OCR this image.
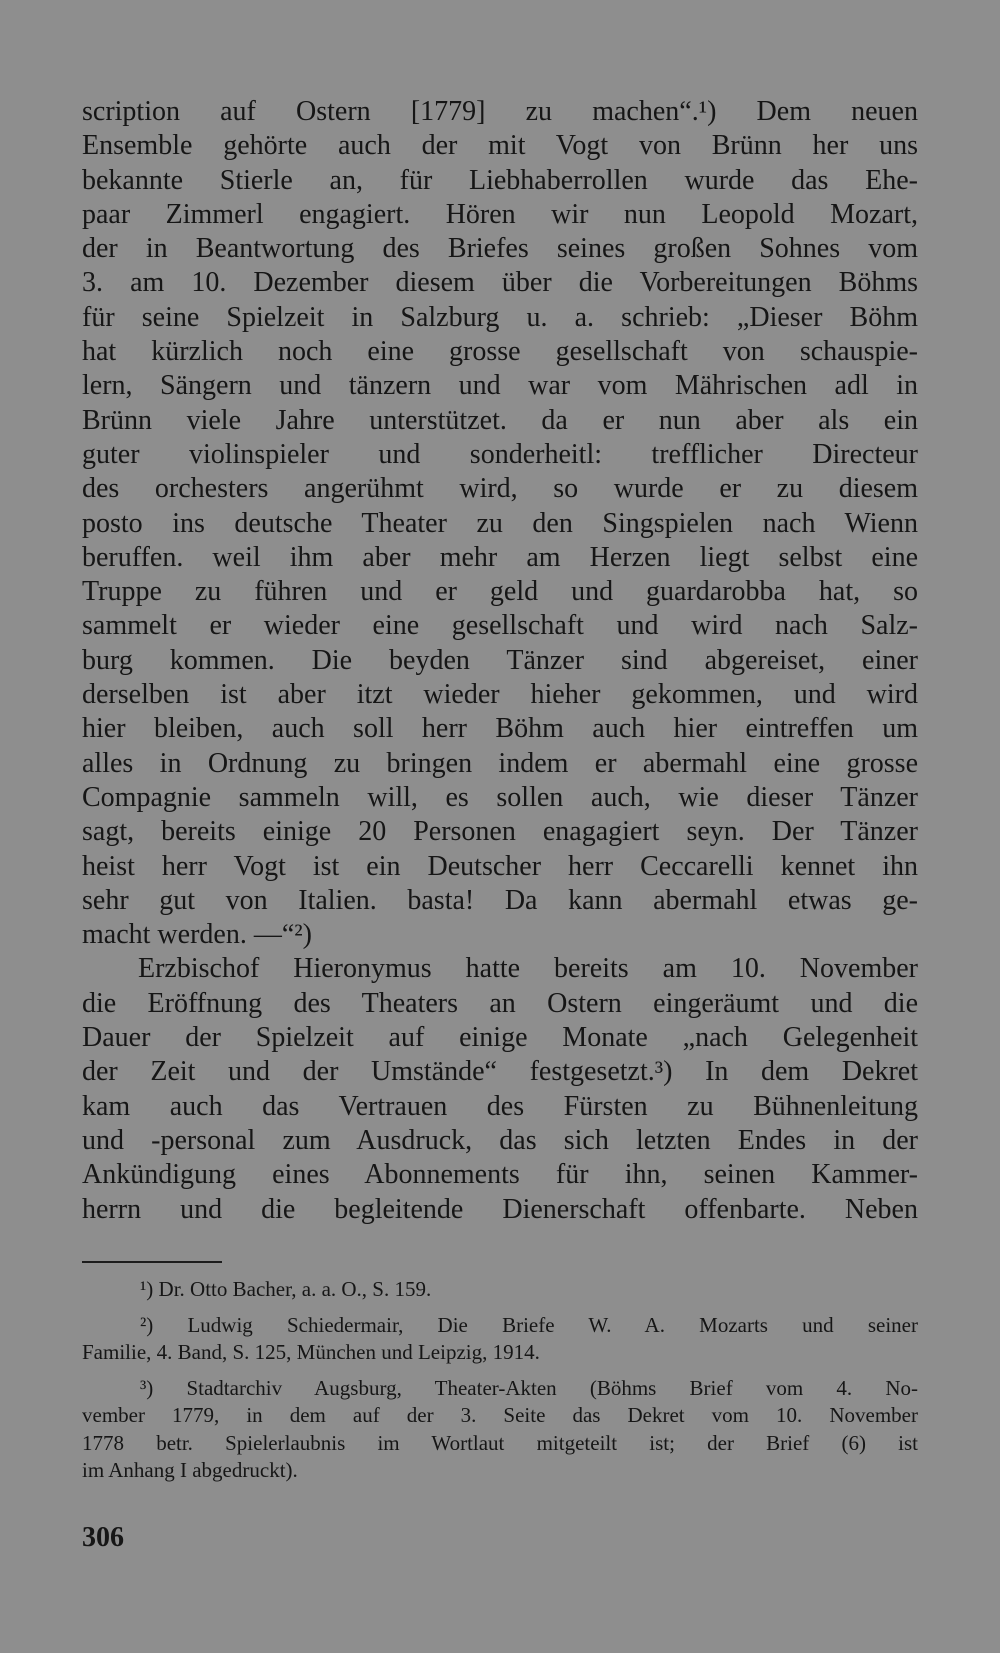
scription auf Ostern [1779] zu machen“.¹) Dem neuen
Ensemble gehörte auch der mit Vogt von Brünn her uns
bekannte Stierle an, für Liebhaberrollen wurde das Ehe-
paar Zimmerl engagiert. Hören wir nun Leopold Mozart,
der in Beantwortung des Briefes seines großen Sohnes vom
3. am 10. Dezember diesem über die Vorbereitungen Böhms
für seine Spielzeit in Salzburg u. a. schrieb: „Dieser Böhm
hat kürzlich noch eine grosse gesellschaft von schauspie-
lern, Sängern und tänzern und war vom Mährischen adl in
Brünn viele Jahre unterstützet. da er nun aber als ein
guter violinspieler und sonderheitl: trefflicher Directeur
des orchesters angerühmt wird, so wurde er zu diesem
posto ins deutsche Theater zu den Singspielen nach Wienn
beruffen. weil ihm aber mehr am Herzen liegt selbst eine
Truppe zu führen und er geld und guardarobba hat, so
sammelt er wieder eine gesellschaft und wird nach Salz-
burg kommen. Die beyden Tänzer sind abgereiset, einer
derselben ist aber itzt wieder hieher gekommen, und wird
hier bleiben, auch soll herr Böhm auch hier eintreffen um
alles in Ordnung zu bringen indem er abermahl eine grosse
Compagnie sammeln will, es sollen auch, wie dieser Tänzer
sagt, bereits einige 20 Personen enagagiert seyn. Der Tänzer
heist herr Vogt ist ein Deutscher herr Ceccarelli kennet ihn
sehr gut von Italien. basta! Da kann abermahl etwas ge-
macht werden. —“²)
Erzbischof Hieronymus hatte bereits am 10. November
die Eröffnung des Theaters an Ostern eingeräumt und die
Dauer der Spielzeit auf einige Monate „nach Gelegenheit
der Zeit und der Umstände“ festgesetzt.³) In dem Dekret
kam auch das Vertrauen des Fürsten zu Bühnenleitung
und -personal zum Ausdruck, das sich letzten Endes in der
Ankündigung eines Abonnements für ihn, seinen Kammer-
herrn und die begleitende Dienerschaft offenbarte. Neben
¹) Dr. Otto Bacher, a. a. O., S. 159.
²) Ludwig Schiedermair, Die Briefe W. A. Mozarts und seiner
Familie, 4. Band, S. 125, München und Leipzig, 1914.
³) Stadtarchiv Augsburg, Theater-Akten (Böhms Brief vom 4. No-
vember 1779, in dem auf der 3. Seite das Dekret vom 10. November
1778 betr. Spielerlaubnis im Wortlaut mitgeteilt ist; der Brief (6) ist
im Anhang I abgedruckt).
306
